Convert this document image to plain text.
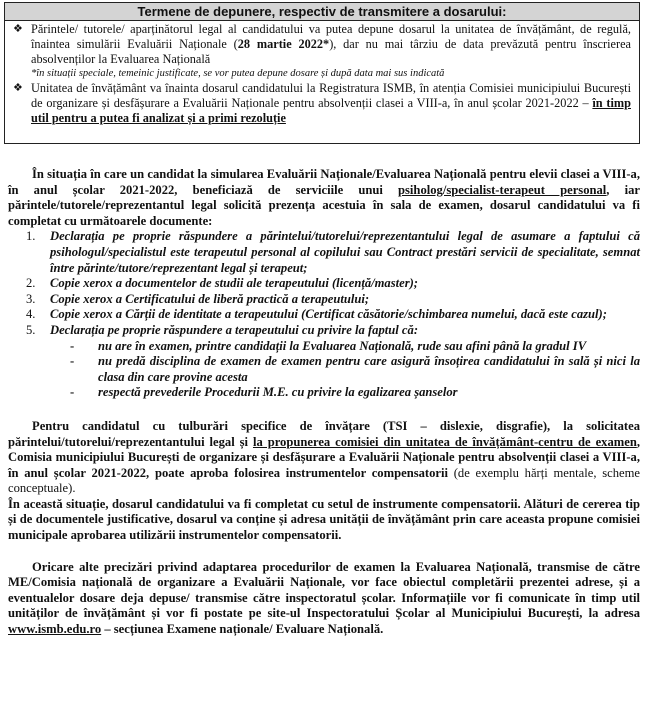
Termene de depunere, respectiv de transmitere a dosarului:
❖ Părintele/ tutorele/ aparținătorul legal al candidatului va putea depune dosarul la unitatea de învățământ, de regulă, înaintea simulării Evaluării Naționale (28 martie 2022*), dar nu mai târziu de data prevăzută pentru înscrierea absolvenților la Evaluarea Națională
*în situații speciale, temeinic justificate, se vor putea depune dosare și după data mai sus indicată
❖ Unitatea de învățământ va înainta dosarul candidatului la Registratura ISMB, în atenția Comisiei municipiului București de organizare și desfășurare a Evaluării Naționale pentru absolvenții clasei a VIII-a, în anul școlar 2021-2022 – în timp util pentru a putea fi analizat și a primi rezoluție

În situația în care un candidat la simularea Evaluării Naționale/Evaluarea Națională pentru elevii clasei a VIII-a, în anul școlar 2021-2022, beneficiază de serviciile unui psiholog/specialist-terapeut personal, iar părintele/tutorele/reprezentantul legal solicită prezența acestuia în sala de examen, dosarul candidatului va fi completat cu următoarele documente:

1. Declarația pe proprie răspundere a părintelui/tutorelui/reprezentantului legal de asumare a faptului că psihologul/specialistul este terapeutul personal al copilului sau Contract prestări servicii de specialitate, semnat între părinte/tutore/reprezentant legal și terapeut;
2. Copie xerox a documentelor de studii ale terapeutului (licență/master);
3. Copie xerox a Certificatului de liberă practică a terapeutului;
4. Copie xerox a Cărții de identitate a terapeutului (Certificat căsătorie/schimbarea numelui, dacă este cazul);
5. Declarația pe proprie răspundere a terapeutului cu privire la faptul că:
- nu are în examen, printre candidații la Evaluarea Națională, rude sau afini până la gradul IV
- nu predă disciplina de examen de examen pentru care asigură însoțirea candidatului în sală și nici la clasa din care provine acesta
- respectă prevederile Procedurii M.E. cu privire la egalizarea șanselor

Pentru candidatul cu tulburări specifice de învățare (TSI – dislexie, disgrafie), la solicitatea părintelui/tutorelui/reprezentantului legal și la propunerea comisiei din unitatea de învățământ-centru de examen, Comisia municipiului București de organizare și desfășurare a Evaluării Naționale pentru absolvenții clasei a VIII-a, în anul școlar 2021-2022, poate aproba folosirea instrumentelor compensatorii (de exemplu hărți mentale, scheme conceptuale).

În această situație, dosarul candidatului va fi completat cu setul de instrumente compensatorii. Alături de cererea tip și de documentele justificative, dosarul va conține și adresa unității de învățământ prin care aceasta propune comisiei municipale aprobarea utilizării instrumentelor compensatorii.

Oricare alte precizări privind adaptarea procedurilor de examen la Evaluarea Națională, transmise de către ME/Comisia națională de organizare a Evaluării Naționale, vor face obiectul completării prezentei adrese, și a eventualelor dosare deja depuse/ transmise către inspectoratul școlar. Informațiile vor fi comunicate în timp util unităților de învățământ și vor fi postate pe site-ul Inspectoratului Școlar al Municipiului București, la adresa www.ismb.edu.ro – secțiunea Examene naționale/ Evaluare Națională.
